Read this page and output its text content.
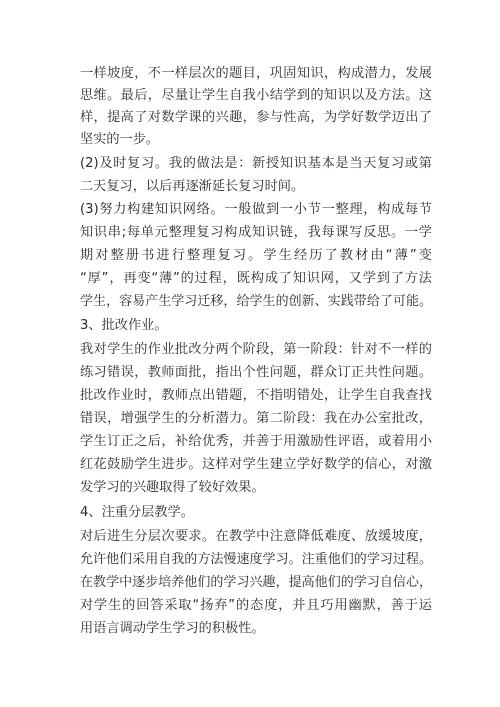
一样坡度，不一样层次的题目，巩固知识，构成潜力，发展
思维。最后，尽量让学生自我小结学到的知识以及方法。这
样，提高了对数学课的兴趣，参与性高，为学好数学迈出了
坚实的一步。
(2)及时复习。我的做法是：新授知识基本是当天复习或第
二天复习，以后再逐渐延长复习时间。
(3)努力构建知识网络。一般做到一小节一整理，构成每节
知识串;每单元整理复习构成知识链，我每课写反思。一学
期对整册书进行整理复习。学生经历了教材由“薄”变
“厚”，再变“薄”的过程，既构成了知识网，又学到了方法
学生，容易产生学习迁移，给学生的创新、实践带给了可能。
3、批改作业。
我对学生的作业批改分两个阶段，第一阶段：针对不一样的
练习错误，教师面批，指出个性问题，群众订正共性问题。
批改作业时，教师点出错题，不指明错处，让学生自我查找
错误，增强学生的分析潜力。第二阶段：我在办公室批改，
学生订正之后，补给优秀，并善于用激励性评语，或着用小
红花鼓励学生进步。这样对学生建立学好数学的信心，对激
发学习的兴趣取得了较好效果。
4、注重分层教学。
对后进生分层次要求。在教学中注意降低难度、放缓坡度，
允许他们采用自我的方法慢速度学习。注重他们的学习过程。
在教学中逐步培养他们的学习兴趣，提高他们的学习自信心，
对学生的回答采取“扬弃”的态度，并且巧用幽默，善于运
用语言调动学生学习的积极性。
